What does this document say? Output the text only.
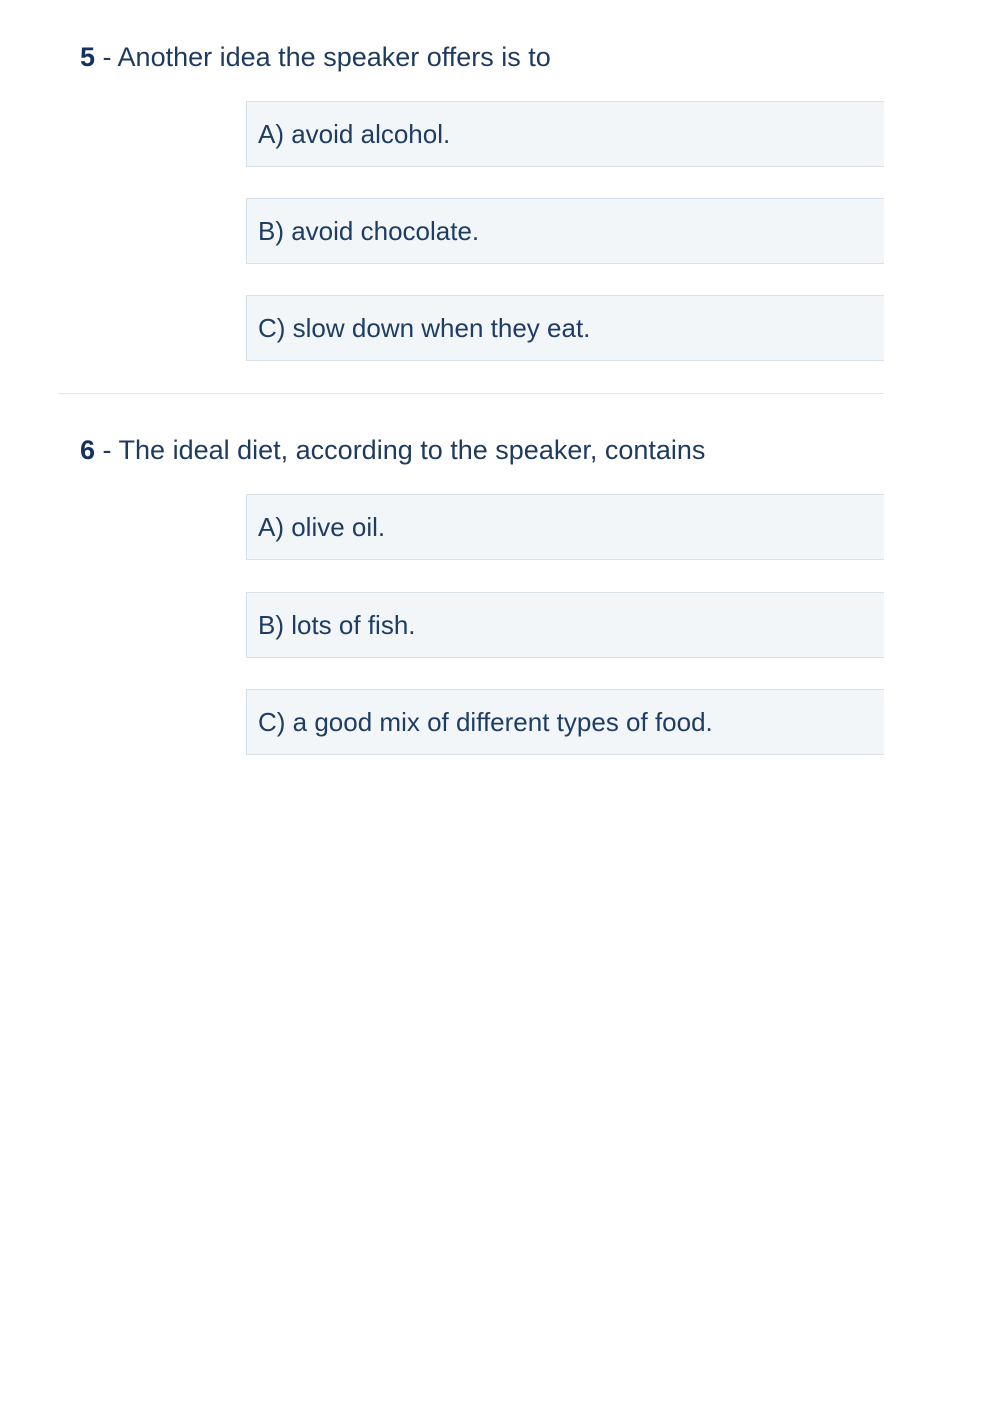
5 - Another idea the speaker offers is to
A) avoid alcohol.
B) avoid chocolate.
C) slow down when they eat.
6 - The ideal diet, according to the speaker, contains
A) olive oil.
B) lots of fish.
C) a good mix of different types of food.
